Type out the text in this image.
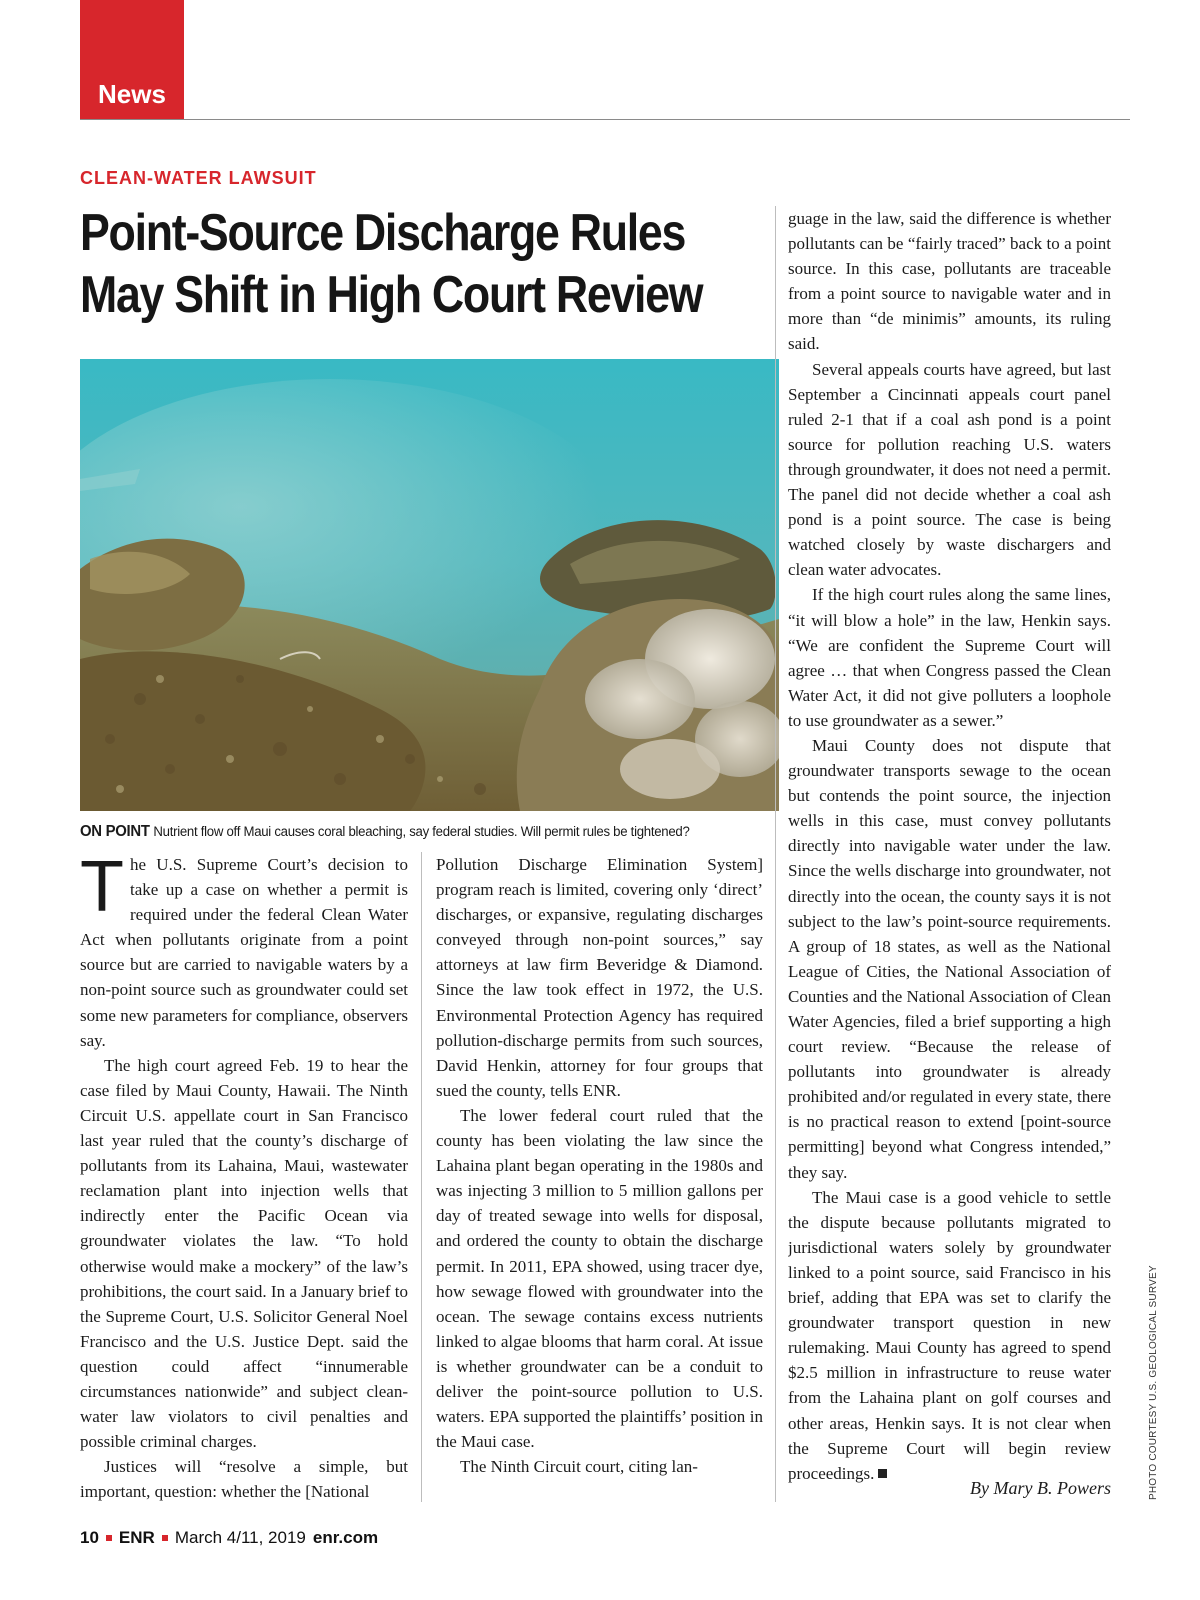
News
CLEAN-WATER LAWSUIT
Point-Source Discharge Rules
May Shift in High Court Review
ON POINT Nutrient flow off Maui causes coral bleaching, say federal studies. Will permit rules be tightened?

The U.S. Supreme Court’s decision to take up a case on whether a permit is required under the federal Clean Water Act when pollutants originate from a point source but are carried to navigable waters by a non-point source such as groundwater could set some new parameters for compliance, observers say.

The high court agreed Feb. 19 to hear the case filed by Maui County, Hawaii. The Ninth Circuit U.S. appellate court in San Francisco last year ruled that the county’s discharge of pollutants from its Lahaina, Maui, wastewater reclamation plant into injection wells that indirectly enter the Pacific Ocean via groundwater violates the law. “To hold otherwise would make a mockery” of the law’s prohibitions, the court said. In a January brief to the Supreme Court, U.S. Solicitor General Noel Francisco and the U.S. Justice Dept. said the question could affect “innumerable circumstances nationwide” and subject clean-water law violators to civil penalties and possible criminal charges.

Justices will “resolve a simple, but important, question: whether the [National

Pollution Discharge Elimination System] program reach is limited, covering only ‘direct’ discharges, or expansive, regulating discharges conveyed through non-point sources,” say attorneys at law firm Beveridge & Diamond. Since the law took effect in 1972, the U.S. Environmental Protection Agency has required pollution-discharge permits from such sources, David Henkin, attorney for four groups that sued the county, tells ENR.

The lower federal court ruled that the county has been violating the law since the Lahaina plant began operating in the 1980s and was injecting 3 million to 5 million gallons per day of treated sewage into wells for disposal, and ordered the county to obtain the discharge permit. In 2011, EPA showed, using tracer dye, how sewage flowed with groundwater into the ocean. The sewage contains excess nutrients linked to algae blooms that harm coral. At issue is whether groundwater can be a conduit to deliver the point-source pollution to U.S. waters. EPA supported the plaintiffs’ position in the Maui case.

The Ninth Circuit court, citing lan-

guage in the law, said the difference is whether pollutants can be “fairly traced” back to a point source. In this case, pollutants are traceable from a point source to navigable water and in more than “de minimis” amounts, its ruling said.

Several appeals courts have agreed, but last September a Cincinnati appeals court panel ruled 2-1 that if a coal ash pond is a point source for pollution reaching U.S. waters through groundwater, it does not need a permit. The panel did not decide whether a coal ash pond is a point source. The case is being watched closely by waste dischargers and clean water advocates.

If the high court rules along the same lines, “it will blow a hole” in the law, Henkin says. “We are confident the Supreme Court will agree … that when Congress passed the Clean Water Act, it did not give polluters a loophole to use groundwater as a sewer.”

Maui County does not dispute that groundwater transports sewage to the ocean but contends the point source, the injection wells in this case, must convey pollutants directly into navigable water under the law. Since the wells discharge into groundwater, not directly into the ocean, the county says it is not subject to the law’s point-source requirements. A group of 18 states, as well as the National League of Cities, the National Association of Counties and the National Association of Clean Water Agencies, filed a brief supporting a high court review. “Because the release of pollutants into groundwater is already prohibited and/or regulated in every state, there is no practical reason to extend [point-source permitting] beyond what Congress intended,” they say.

The Maui case is a good vehicle to settle the dispute because pollutants migrated to jurisdictional waters solely by groundwater linked to a point source, said Francisco in his brief, adding that EPA was set to clarify the groundwater transport question in new rulemaking. Maui County has agreed to spend $2.5 million in infrastructure to reuse water from the Lahaina plant on golf courses and other areas, Henkin says. It is not clear when the Supreme Court will begin review proceedings.

By Mary B. Powers	PHOTO COURTESY U.S. GEOLOGICAL SURVEY
10 ENR March 4/11, 2019 enr.com
